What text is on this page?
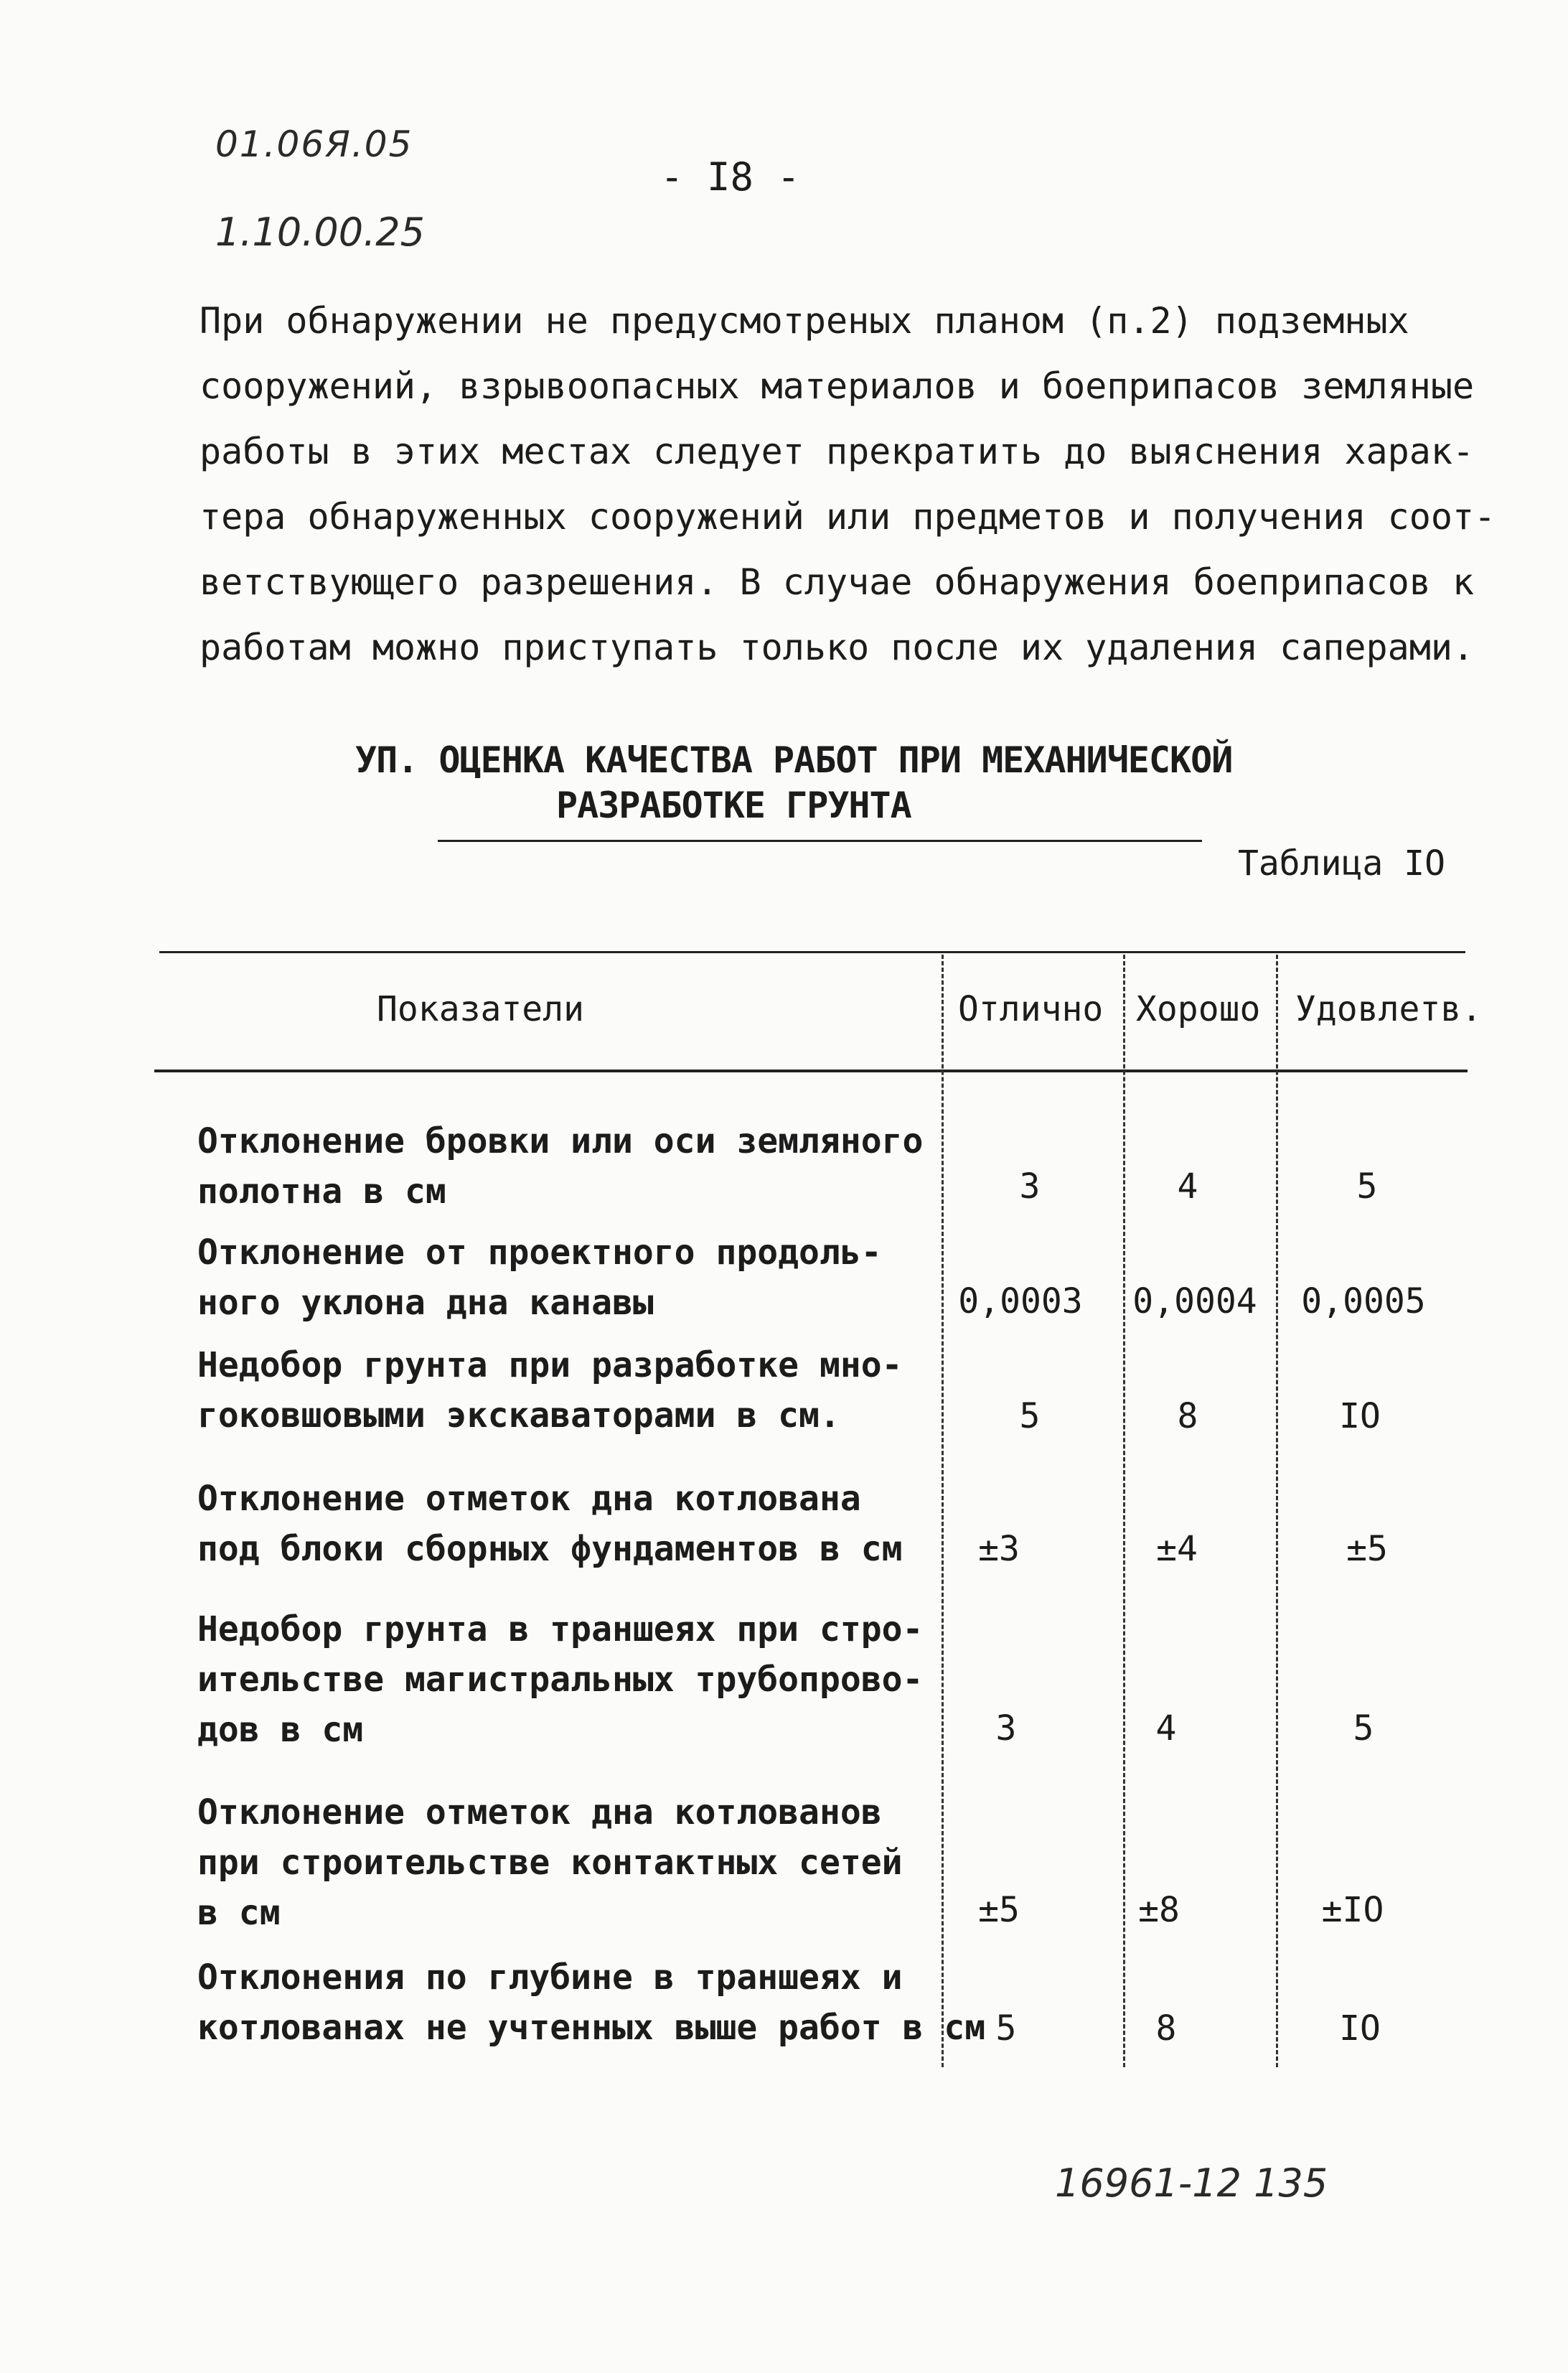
01.06Я.05
1.10.00.25
- I8 -
При обнаружении не предусмотреных планом (п.2) подземных
сооружений, взрывоопасных материалов и боеприпасов земляные
работы в этих местах следует прекратить до выяснения харак-
тера обнаруженных сооружений или предметов и получения соот-
ветствующего разрешения. В случае обнаружения боеприпасов к
работам можно приступать только после их удаления саперами.
УП. ОЦЕНКА КАЧЕСТВА РАБОТ ПРИ МЕХАНИЧЕСКОЙ
РАЗРАБОТКЕ ГРУНТА
Таблица IO
Показатели	Отлично Хорошо Удовлетв.
Отклонение бровки или оси земляного
полотна в см	3	4	5
Отклонение от проектного продоль-
ного уклона дна канавы	0,0003	0,0004	0,0005
Недобор грунта при разработке мно-
гоковшовыми экскаваторами в см.	5	8	IO
Отклонение отметок дна котлована
под блоки сборных фундаментов в см	±3	±4	±5
Недобор грунта в траншеях при стро-
ительстве магистральных трубопрово-
дов в см	3	4	5
Отклонение отметок дна котлованов
при строительстве контактных сетей
в см	±5	±8	±IO
Отклонения по глубине в траншеях и
котлованах не учтенных выше работ в см 5	8	IO
16961-12 135
